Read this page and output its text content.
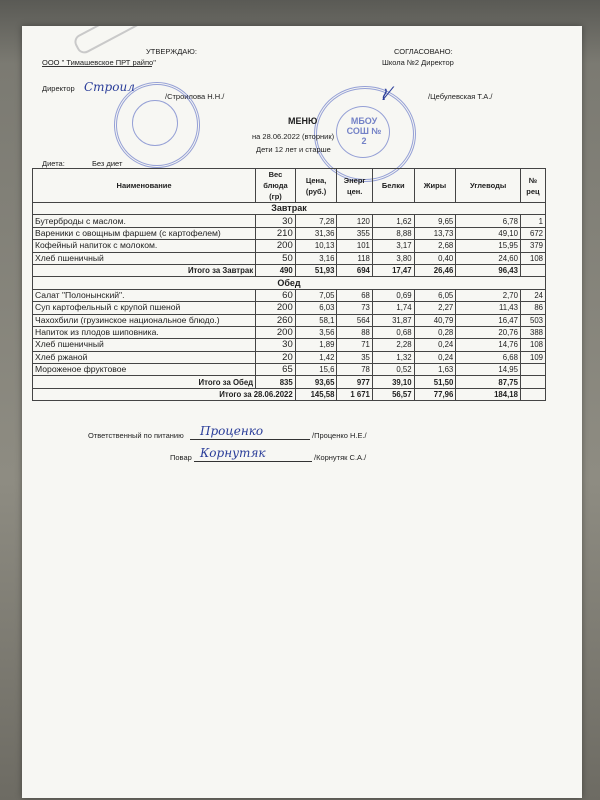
УТВЕРЖДАЮ:
ООО " Тимашевское ПРТ райпо"
Директор Строил
/Строилова Н.Н./
СОГЛАСОВАНО:
Школа №2 Директор
/Цебулевская Т.А./
МБОУ СОШ № 2
≀⁄
МЕНЮ
на 28.06.2022 (вторник)
Дети 12 лет и старше
Диета:	Без диет
Наименование	Вес блюда (гр)	Цена, (руб.)	Энерг цен.	Белки	Жиры	Углеводы	№ рец
Завтрак							
Бутерброды с маслом.	30	7,28	120	1,62	9,65	6,78	1
Вареники с овощным фаршем (с картофелем)	210	31,36	355	8,88	13,73	49,10	672
Кофейный напиток с молоком.	200	10,13	101	3,17	2,68	15,95	379
Хлеб пшеничный	50	3,16	118	3,80	0,40	24,60	108
Итого за Завтрак	490	51,93	694	17,47	26,46	96,43	
Обед							
Салат "Полонынский".	60	7,05	68	0,69	6,05	2,70	24
Суп картофельный с крупой пшеной	200	6,03	73	1,74	2,27	11,43	86
Чахохбили (грузинское национальное блюдо.)	260	58,1	564	31,87	40,79	16,47	503
Напиток из плодов шиповника.	200	3,56	88	0,68	0,28	20,76	388
Хлеб пшеничный	30	1,89	71	2,28	0,24	14,76	108
Хлеб ржаной	20	1,42	35	1,32	0,24	6,68	109
Мороженое фруктовое	65	15,6	78	0,52	1,63	14,95	
Итого за Обед	835	93,65	977	39,10	51,50	87,75	
Итого за 28.06.2022		145,58	1 671	56,57	77,96	184,18	
Ответственный по питанию Проценко	/Проценко Н.Е./
Повар Корнутяк	/Корнутяк С.А./
